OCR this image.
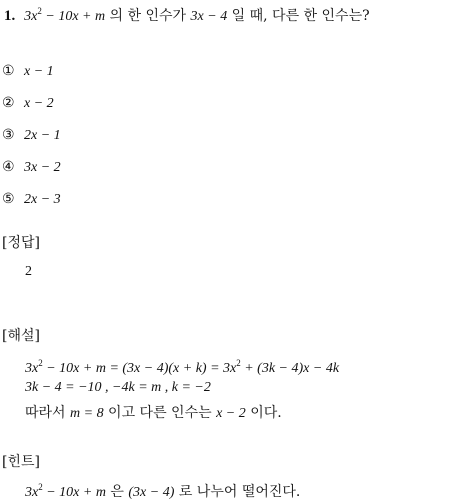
1. $3x^2 - 10x + m$ 의 한 인수가 3x − 4 일 때, 다른 한 인수는?
① x − 1
② x − 2
③ 2x − 1
④ 3x − 2
⑤ 2x − 3
[정답]
2
[해설]
$3x^2 - 10x + m = (3x - 4)(x + k) = 3x^2 + (3k - 4)x - 4k$
3k − 4 = −10 , −4k = m , k = −2
따라서 m = 8 이고 다른 인수는 x − 2 이다.
[힌트]
$3x^2 - 10x + m$ 은 (3x − 4) 로 나누어 떨어진다.
